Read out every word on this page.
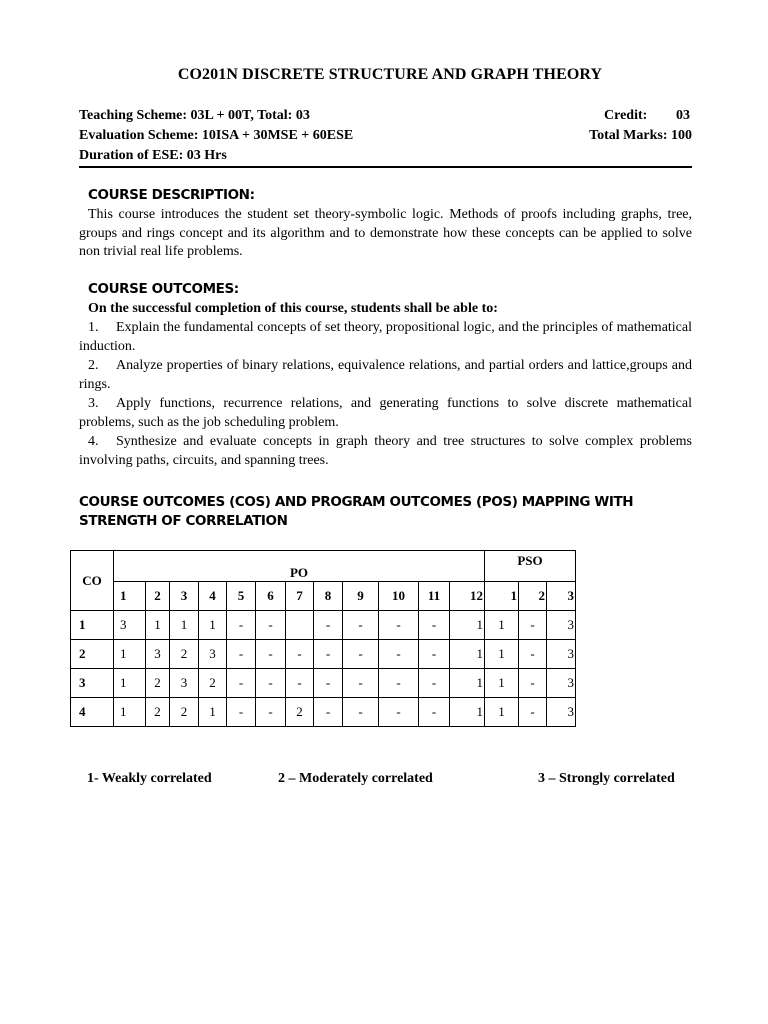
CO201N DISCRETE STRUCTURE AND GRAPH THEORY
Teaching Scheme: 03L + 00T, Total: 03	Credit: 03
Evaluation Scheme: 10ISA + 30MSE + 60ESE	Total Marks: 100
Duration of ESE: 03 Hrs
COURSE DESCRIPTION:
This course introduces the student set theory-symbolic logic. Methods of proofs including graphs, tree, groups and rings concept and its algorithm and to demonstrate how these concepts can be applied to solve non trivial real life problems.
COURSE OUTCOMES:
On the successful completion of this course, students shall be able to:
1. Explain the fundamental concepts of set theory, propositional logic, and the principles of mathematical induction.
2. Analyze properties of binary relations, equivalence relations, and partial orders and lattice,groups and rings.
3. Apply functions, recurrence relations, and generating functions to solve discrete mathematical problems, such as the job scheduling problem.
4. Synthesize and evaluate concepts in graph theory and tree structures to solve complex problems involving paths, circuits, and spanning trees.
COURSE OUTCOMES (COS) AND PROGRAM OUTCOMES (POS) MAPPING WITH STRENGTH OF CORRELATION
CO	PO												PSO		
	1	2	3	4	5	6	7	8	9	10	11	12	1	2	3
1	3	1	1	1	-	-		-	-	-	-	1	1	-	3
2	1	3	2	3	-	-	-	-	-	-	-	1	1	-	3
3	1	2	3	2	-	-	-	-	-	-	-	1	1	-	3
4	1	2	2	1	-	-	2	-	-	-	-	1	1	-	3
1- Weakly correlated	2 – Moderately correlated	3 – Strongly correlated
